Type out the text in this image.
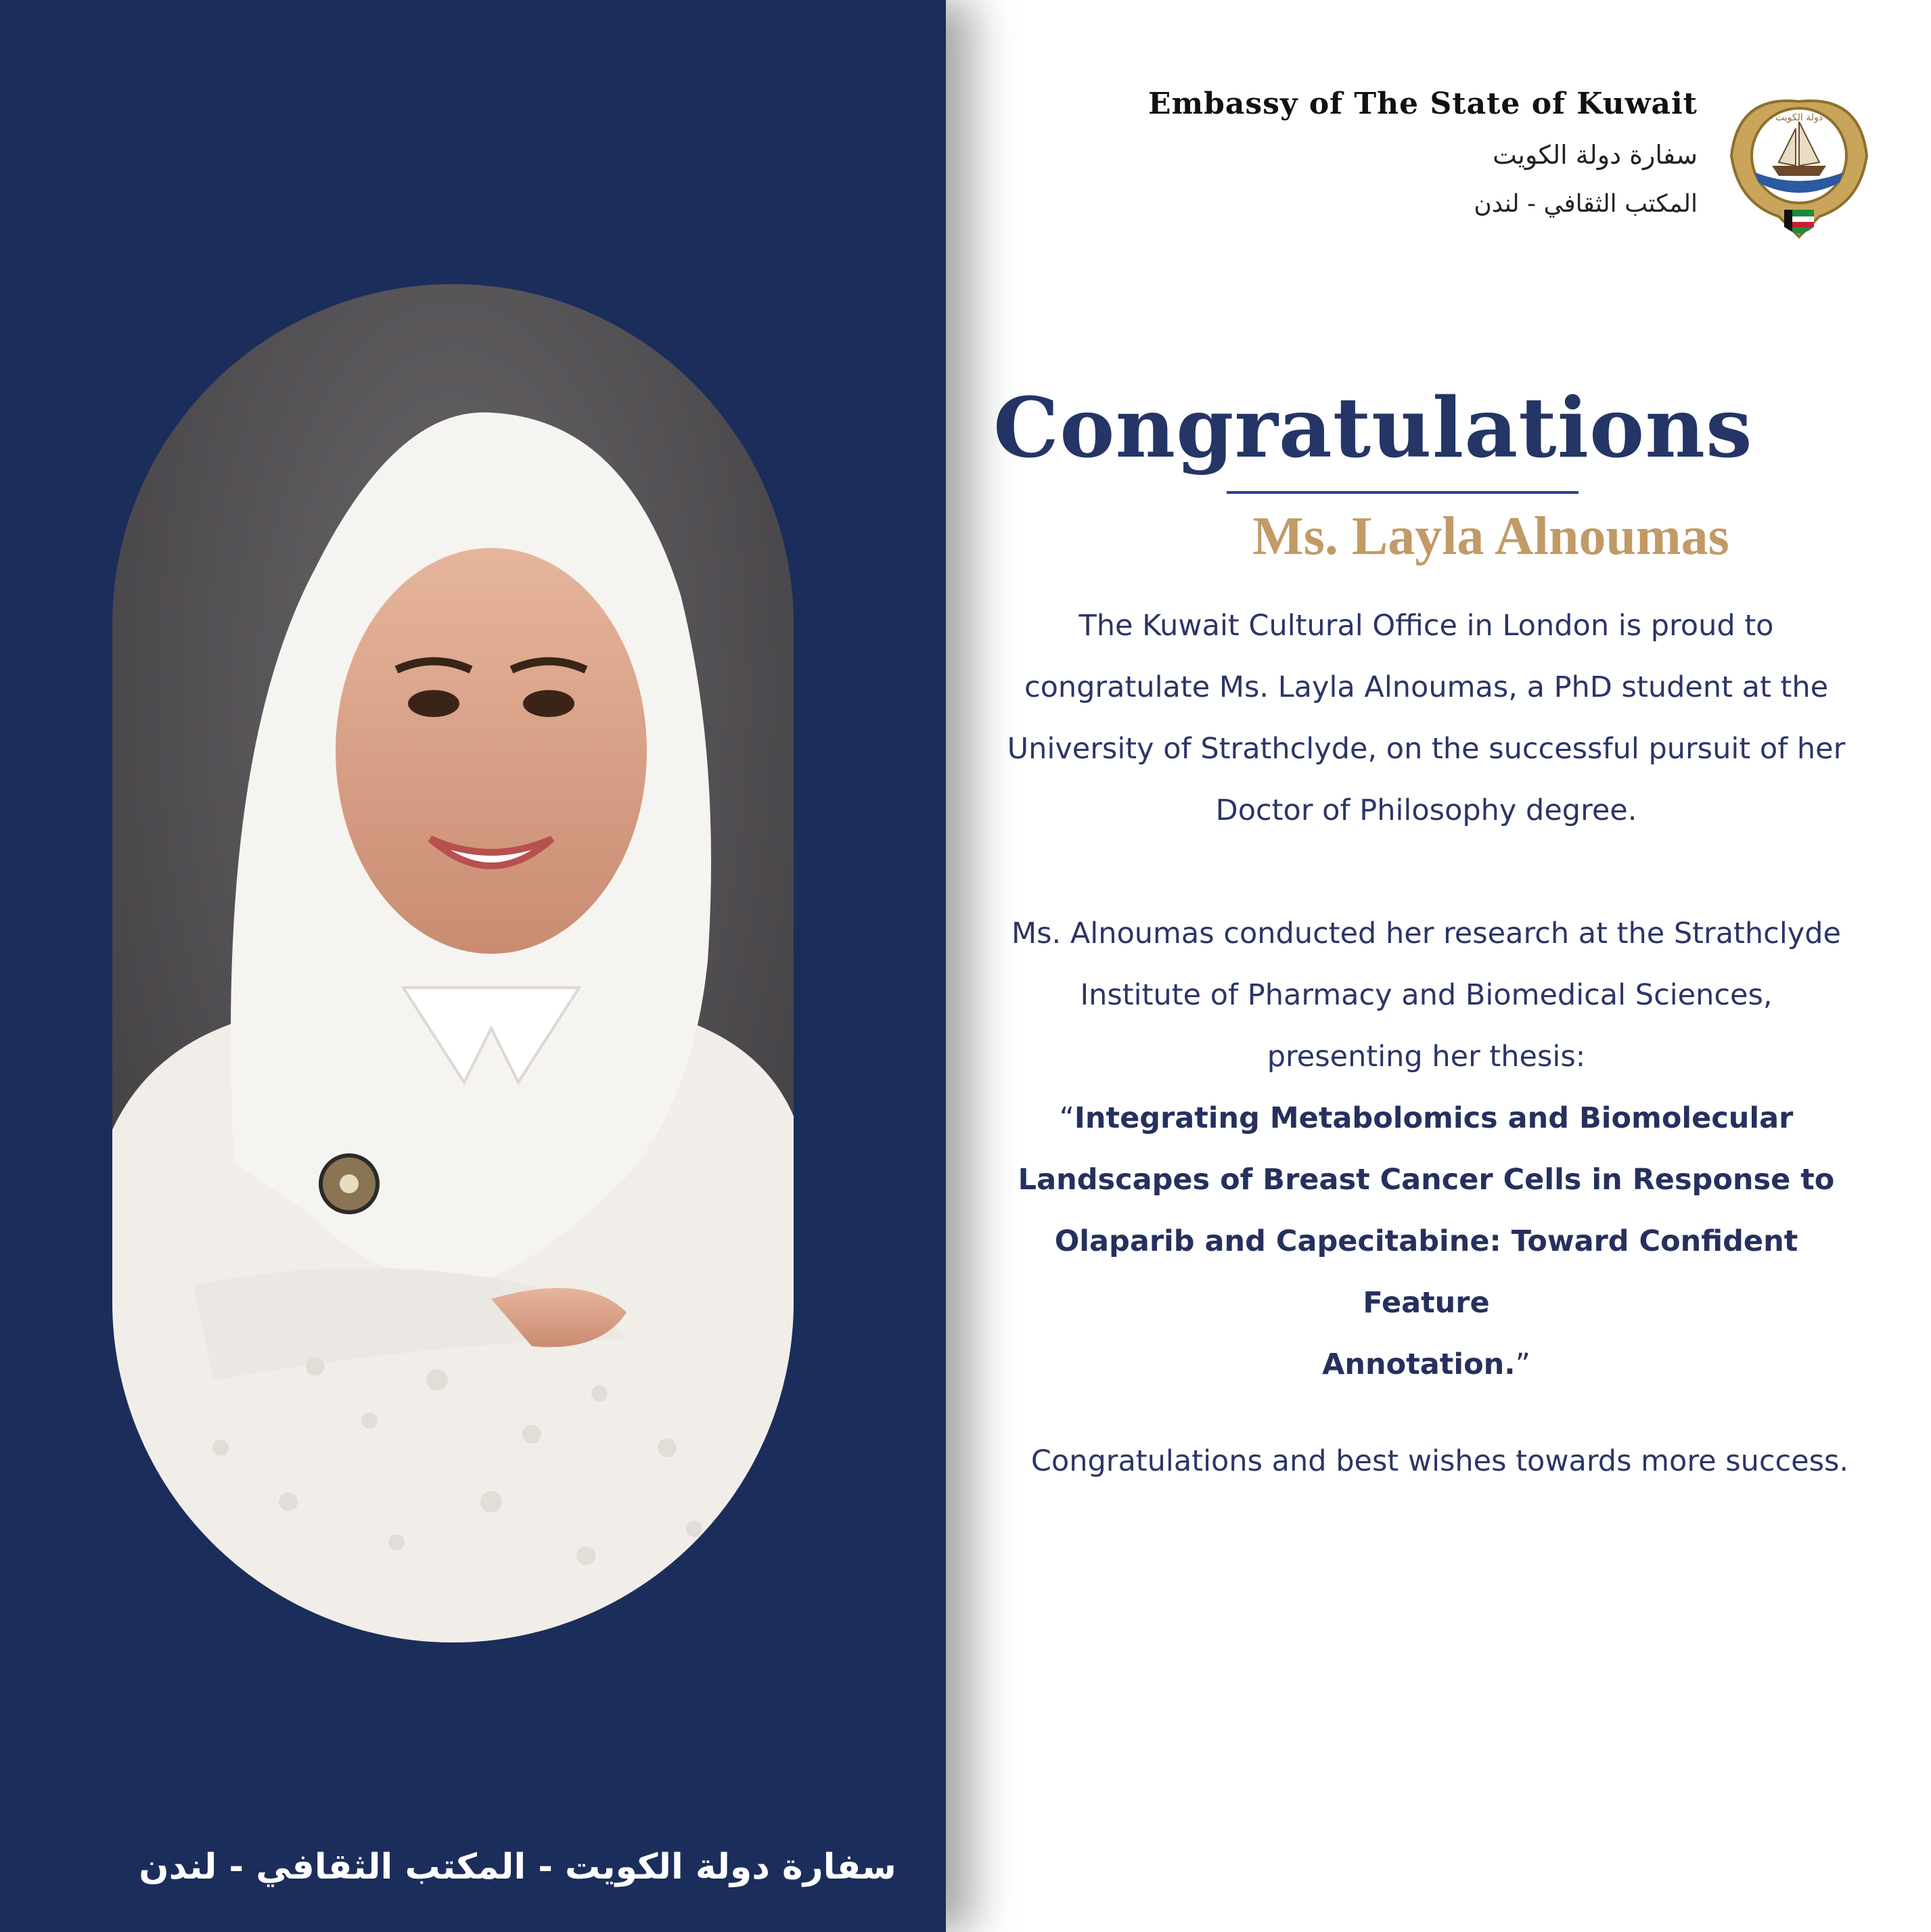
سفارة دولة الكويت - المكتب الثقافي - لندن
Embassy of The State of Kuwait
سفارة دولة الكويت
المكتب الثقافي - لندن
دولة الكويت
Congratulations
Ms. Layla Alnoumas

The Kuwait Cultural Office in London is proud to

congratulate Ms. Layla Alnoumas, a PhD student at the

University of Strathclyde, on the successful pursuit of her

Doctor of Philosophy degree.

Ms. Alnoumas conducted her research at the Strathclyde

Institute of Pharmacy and Biomedical Sciences,

presenting her thesis:

“Integrating Metabolomics and Biomolecular

Landscapes of Breast Cancer Cells in Response to

Olaparib and Capecitabine: Toward Confident Feature

Annotation.”

Congratulations and best wishes towards more success.
